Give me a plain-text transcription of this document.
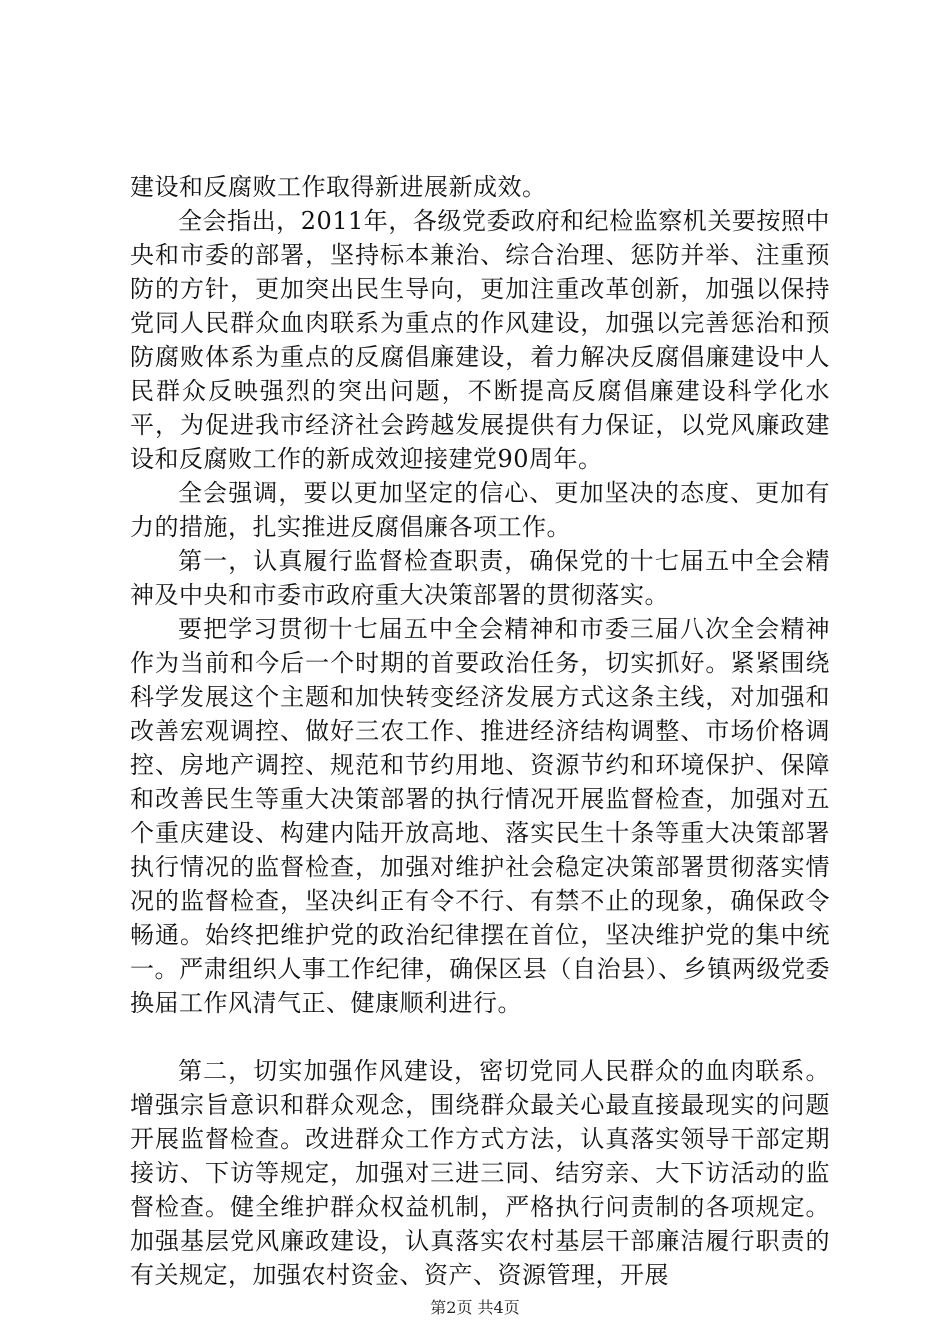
建设和反腐败工作取得新进展新成效。

全会指出，2011年，各级党委政府和纪检监察机关要按照中央和市委的部署，坚持标本兼治、综合治理、惩防并举、注重预防的方针，更加突出民生导向，更加注重改革创新，加强以保持党同人民群众血肉联系为重点的作风建设，加强以完善惩治和预防腐败体系为重点的反腐倡廉建设，着力解决反腐倡廉建设中人民群众反映强烈的突出问题，不断提高反腐倡廉建设科学化水平，为促进我市经济社会跨越发展提供有力保证，以党风廉政建设和反腐败工作的新成效迎接建党90周年。

全会强调，要以更加坚定的信心、更加坚决的态度、更加有力的措施，扎实推进反腐倡廉各项工作。

第一，认真履行监督检查职责，确保党的十七届五中全会精神及中央和市委市政府重大决策部署的贯彻落实。

要把学习贯彻十七届五中全会精神和市委三届八次全会精神作为当前和今后一个时期的首要政治任务，切实抓好。紧紧围绕科学发展这个主题和加快转变经济发展方式这条主线，对加强和改善宏观调控、做好三农工作、推进经济结构调整、市场价格调控、房地产调控、规范和节约用地、资源节约和环境保护、保障和改善民生等重大决策部署的执行情况开展监督检查，加强对五个重庆建设、构建内陆开放高地、落实民生十条等重大决策部署执行情况的监督检查，加强对维护社会稳定决策部署贯彻落实情况的监督检查，坚决纠正有令不行、有禁不止的现象，确保政令畅通。始终把维护党的政治纪律摆在首位，坚决维护党的集中统一。严肃组织人事工作纪律，确保区县（自治县）、乡镇两级党委换届工作风清气正、健康顺利进行。

第二，切实加强作风建设，密切党同人民群众的血肉联系。增强宗旨意识和群众观念，围绕群众最关心最直接最现实的问题开展监督检查。改进群众工作方式方法，认真落实领导干部定期接访、下访等规定，加强对三进三同、结穷亲、大下访活动的监督检查。健全维护群众权益机制，严格执行问责制的各项规定。加强基层党风廉政建设，认真落实农村基层干部廉洁履行职责的有关规定，加强农村资金、资产、资源管理，开展

第2页 共4页
